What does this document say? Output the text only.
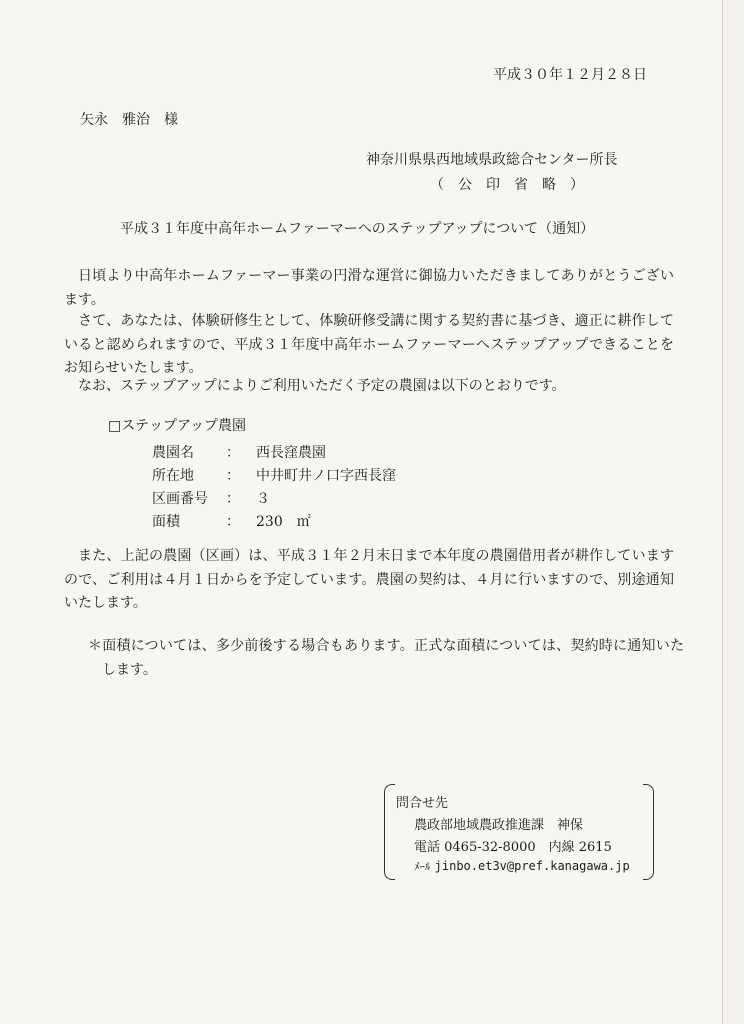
平成３０年１２月２８日
矢永　雅治　様
神奈川県県西地域県政総合センター所長
（　公　印　省　略　）
平成３１年度中高年ホームファーマーへのステップアップについて（通知）
日頃より中高年ホームファーマー事業の円滑な運営に御協力いただきましてありがとうございます。
さて、あなたは、体験研修生として、体験研修受講に関する契約書に基づき、適正に耕作していると認められますので、平成３１年度中高年ホームファーマーへステップアップできることをお知らせいたします。
なお、ステップアップによりご利用いただく予定の農園は以下のとおりです。
□ステップアップ農園
農園名 ： 西長窪農園
所在地 ： 中井町井ノ口字西長窪
区画番号 ： ３
面積	： 230　㎡
また、上記の農園（区画）は、平成３１年２月末日まで本年度の農園借用者が耕作していますので、ご利用は４月１日からを予定しています。農園の契約は、４月に行いますので、別途通知いたします。
＊面積については、多少前後する場合もあります。正式な面積については、契約時に通知いたします。
問合せ先
農政部地域農政推進課　神保
電話 0465-32-8000　内線 2615
ﾒｰﾙ jinbo.et3v@pref.kanagawa.jp
